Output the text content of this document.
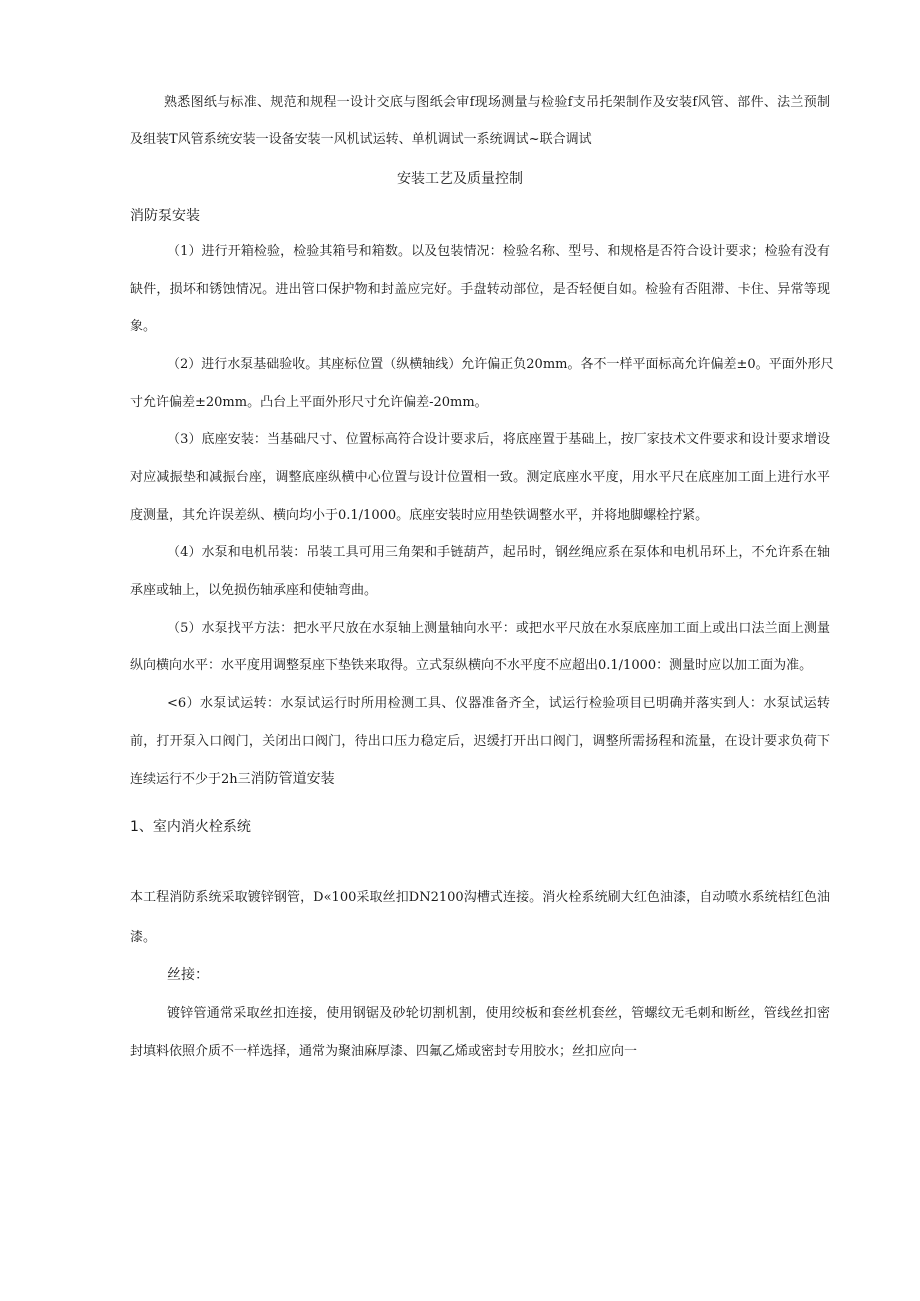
熟悉图纸与标准、规范和规程一设计交底与图纸会审f现场测量与检验f支吊托架制作及安装f风管、部件、法兰预制
及组装T风管系统安装一设备安装一风机试运转、单机调试一系统调试~联合调试
安装工艺及质量控制
消防泵安装
（1）进行开箱检验，检验其箱号和箱数。以及包装情况：检验名称、型号、和规格是否符合设计要求；检验有没有
缺件，损坏和锈蚀情况。进出管口保护物和封盖应完好。手盘转动部位，是否轻便自如。检验有否阻滞、卡住、异常等现
象。
（2）进行水泵基础验收。其座标位置（纵横轴线）允许偏正负20mm。各不一样平面标高允许偏差±0。平面外形尺
寸允许偏差±20mm。凸台上平面外形尺寸允许偏差-20mm。
（3）底座安装：当基础尺寸、位置标高符合设计要求后，将底座置于基础上，按厂家技术文件要求和设计要求增设
对应减振垫和减振台座，调整底座纵横中心位置与设计位置相一致。测定底座水平度，用水平尺在底座加工面上进行水平
度测量，其允许误差纵、横向均小于0.1/1000。底座安装时应用垫铁调整水平，并将地脚螺栓拧紧。
（4）水泵和电机吊装：吊装工具可用三角架和手链葫芦，起吊时，钢丝绳应系在泵体和电机吊环上，不允许系在轴
承座或轴上，以免损伤轴承座和使轴弯曲。
（5）水泵找平方法：把水平尺放在水泵轴上测量轴向水平：或把水平尺放在水泵底座加工面上或出口法兰面上测量
纵向横向水平：水平度用调整泵座下垫铁来取得。立式泵纵横向不水平度不应超出0.1/1000：测量时应以加工面为准。
<6）水泵试运转：水泵试运行时所用检测工具、仪器准备齐全，试运行检验项目已明确并落实到人：水泵试运转
前，打开泵入口阀门，关闭出口阀门，待出口压力稳定后，迟缓打开出口阀门，调整所需扬程和流量，在设计要求负荷下
连续运行不少于2h三消防管道安装
1、室内消火栓系统
本工程消防系统采取镀锌钢管，D«100采取丝扣DN2100沟槽式连接。消火栓系统刷大红色油漆，自动喷水系统桔红色油
漆。
丝接：
镀锌管通常采取丝扣连接，使用钢锯及砂轮切割机割，使用绞板和套丝机套丝，管螺纹无毛刺和断丝，管线丝扣密
封填料依照介质不一样选择，通常为聚油麻厚漆、四氟乙烯或密封专用胶水；丝扣应向一
